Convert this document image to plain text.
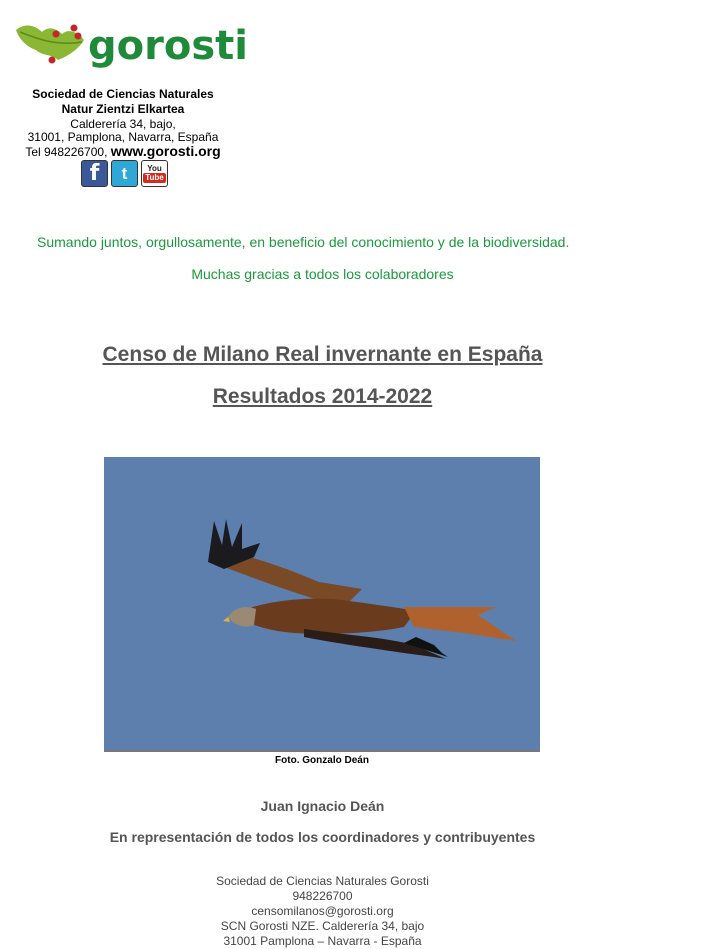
gorosti
Sociedad de Ciencias Naturales
Natur Zientzi Elkartea
Calderería 34, bajo,
31001, Pamplona, Navarra, España
Tel 948226700, www.gorosti.org
f t You
Tube
Sumando juntos, orgullosamente, en beneficio del conocimiento y de la biodiversidad.
Muchas gracias a todos los colaboradores
Censo de Milano Real invernante en España
Resultados 2014-2022
Foto. Gonzalo Deán
Juan Ignacio Deán
En representación de todos los coordinadores y contribuyentes
Sociedad de Ciencias Naturales Gorosti
948226700
censomilanos@gorosti.org
SCN Gorosti NZE. Calderería 34, bajo
31001 Pamplona – Navarra - España
